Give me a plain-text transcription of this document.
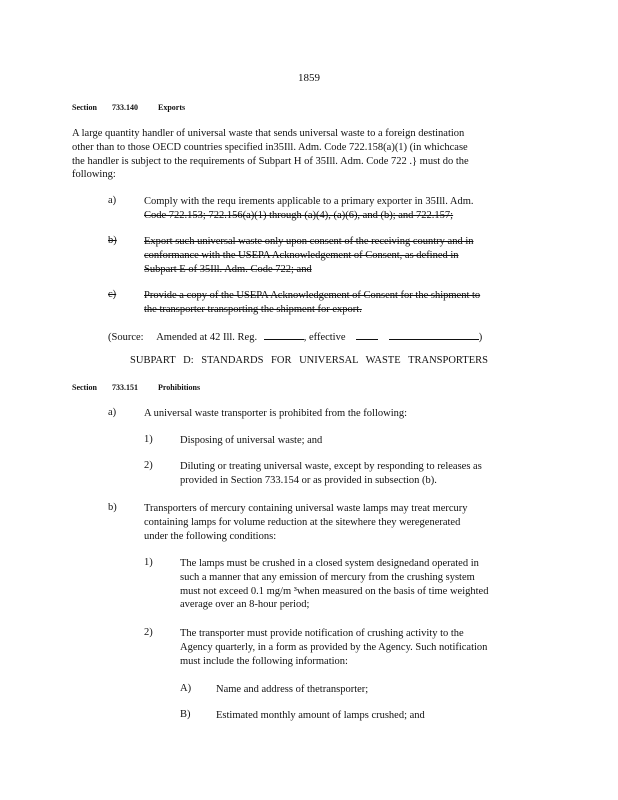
1859
Section 733.140	Exports
A large quantity handler of universal waste that sends universal waste to a foreign destination
other than to those OECD countries specified in35Ill. Adm. Code 722.158(a)(1) (in whichcase
the handler is subject to the requirements of Subpart H of 35Ill. Adm. Code 722 .} must do the
following:
a)	Comply with the requ irements applicable to a primary exporter in 35Ill. Adm.
Code 722.153; 722.156(a)(1) through (a)(4), (a)(6), and (b); and 722.157;
b)	Export such universal waste only upon consent of the receiving country and in
conformance with the USEPA Acknowledgement of Consent, as defined in
Subpart E of 35Ill. Adm. Code 722; and
c)	Provide a copy of the USEPA Acknowledgement of Consent for the shipment to
the transporter transporting the shipment for export.
(Source: Amended at 42 Ill. Reg.	, effective	)
SUBPART D: STANDARDS FOR UNIVERSAL WASTE TRANSPORTERS
Section 733.151	Prohibitions
a)	A universal waste transporter is prohibited from the following:
1)	Disposing of universal waste; and
2)	Diluting or treating universal waste, except by responding to releases as
provided in Section 733.154 or as provided in subsection (b).
b)	Transporters of mercury containing universal waste lamps may treat mercury
containing lamps for volume reduction at the sitewhere they weregenerated
under the following conditions:
1)	The lamps must be crushed in a closed system designedand operated in
such a manner that any emission of mercury from the crushing system
must not exceed 0.1 mg/m ³when measured on the basis of time weighted
average over an 8-hour period;
2)	The transporter must provide notification of crushing activity to the
Agency quarterly, in a form as provided by the Agency. Such notification
must include the following information:
A) Name and address of thetransporter;
B) Estimated monthly amount of lamps crushed; and
